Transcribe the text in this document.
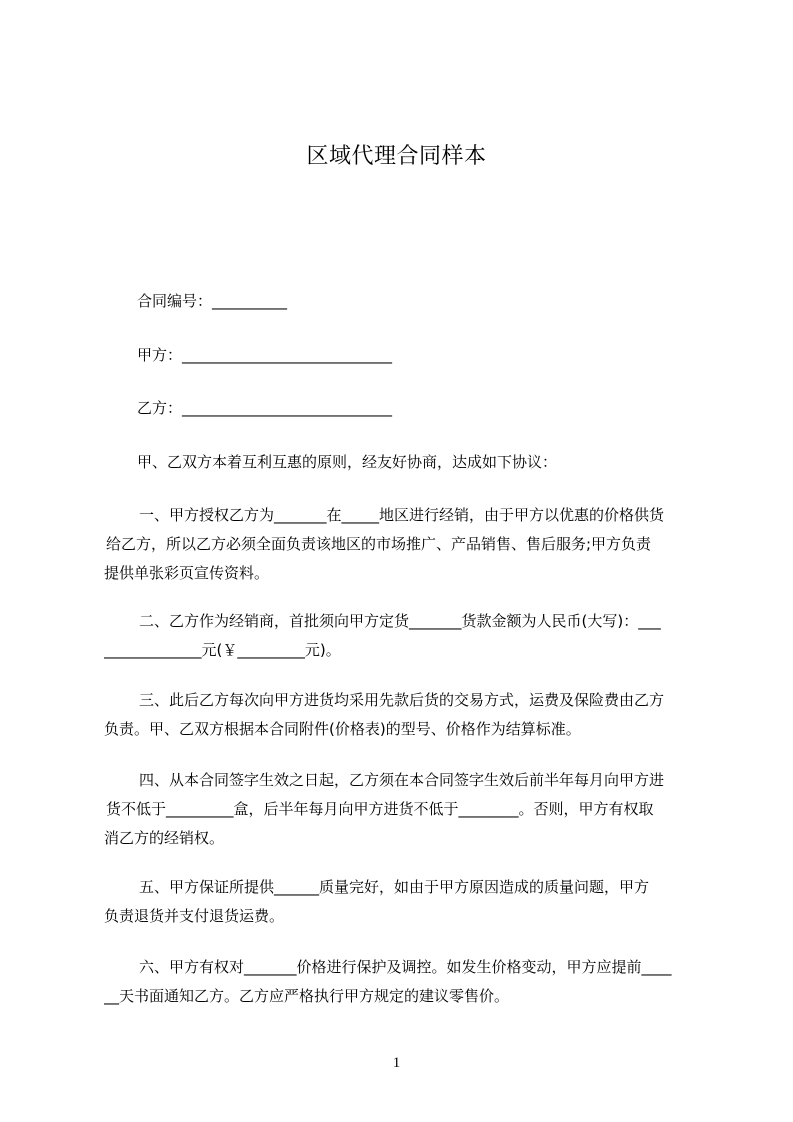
区域代理合同样本
合同编号：__________
甲方：____________________________
乙方：____________________________
甲、乙双方本着互利互惠的原则，经友好协商，达成如下协议：
一、甲方授权乙方为_______在_____地区进行经销，由于甲方以优惠的价格供货
给乙方，所以乙方必须全面负责该地区的市场推广、产品销售、售后服务;甲方负责
提供单张彩页宣传资料。
二、乙方作为经销商，首批须向甲方定货_______货款金额为人民币(大写)：___
_____________元(￥_________元)。
三、此后乙方每次向甲方进货均采用先款后货的交易方式，运费及保险费由乙方
负责。甲、乙双方根据本合同附件(价格表)的型号、价格作为结算标准。
四、从本合同签字生效之日起，乙方须在本合同签字生效后前半年每月向甲方进
货不低于_________盒，后半年每月向甲方进货不低于________。否则，甲方有权取
消乙方的经销权。
五、甲方保证所提供______质量完好，如由于甲方原因造成的质量问题，甲方
负责退货并支付退货运费。
六、甲方有权对_______价格进行保护及调控。如发生价格变动，甲方应提前____
__天书面通知乙方。乙方应严格执行甲方规定的建议零售价。
1
